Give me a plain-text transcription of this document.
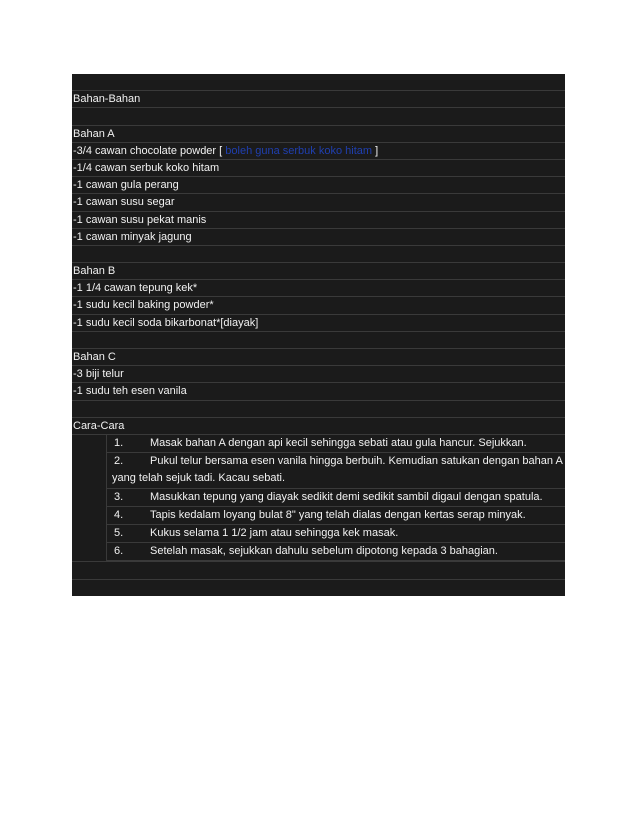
Bahan-Bahan
Bahan A
-3/4 cawan chocolate powder [ boleh guna serbuk koko hitam ]
-1/4 cawan serbuk koko hitam
-1 cawan gula perang
-1 cawan susu segar
-1 cawan susu pekat manis
-1 cawan minyak jagung
Bahan B
-1 1/4 cawan tepung kek*
-1 sudu kecil baking powder*
-1 sudu kecil soda bikarbonat*[diayak]
Bahan C
-3 biji telur
-1 sudu teh esen vanila
Cara-Cara
1.	Masak bahan A dengan api kecil sehingga sebati atau gula hancur. Sejukkan.
2.	Pukul telur bersama esen vanila hingga berbuih. Kemudian satukan dengan bahan A
yang telah sejuk tadi. Kacau sebati.
3.	Masukkan tepung yang diayak sedikit demi sedikit sambil digaul dengan spatula.
4.	Tapis kedalam loyang bulat 8" yang telah dialas dengan kertas serap minyak.
5.	Kukus selama 1 1/2 jam atau sehingga kek masak.
6.	Setelah masak, sejukkan dahulu sebelum dipotong kepada 3 bahagian.
